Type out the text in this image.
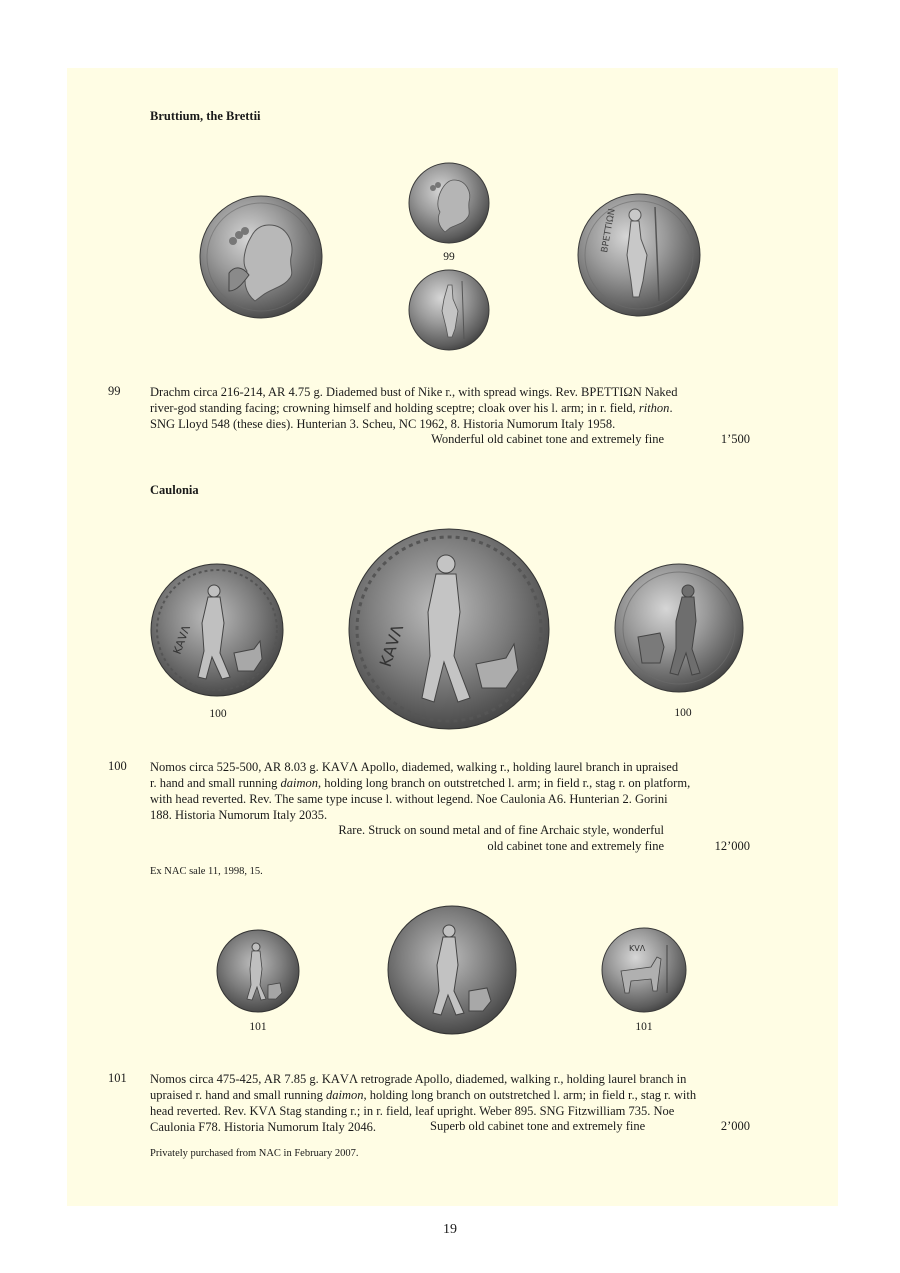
Bruttium, the Brettii
99
ΒΡΕΤΤΙΩΝ
99 Drachm circa 216-214, AR 4.75 g. Diademed bust of Nike r., with spread wings. Rev. ΒΡΕΤΤΙΩΝ Naked
river-god standing facing; crowning himself and holding sceptre; cloak over his l. arm; in r. field, rithon.
SNG Lloyd 548 (these dies). Hunterian 3. Scheu, NC 1962, 8. Historia Numorum Italy 1958.
Wonderful old cabinet tone and extremely fine	1’500
Caulonia
ΚΑVΛ
100
ΚΑVΛ
100
100 Nomos circa 525-500, AR 8.03 g. ΚΑVΛ Apollo, diademed, walking r., holding laurel branch in upraised
r. hand and small running daimon, holding long branch on outstretched l. arm; in field r., stag r. on platform,
with head reverted. Rev. The same type incuse l. without legend. Noe Caulonia A6. Hunterian 2. Gorini
188. Historia Numorum Italy 2035.
Rare. Struck on sound metal and of fine Archaic style, wonderful
old cabinet tone and extremely fine	12’000
Ex NAC sale 11, 1998, 15.
101
ΚVΛ
101
101 Nomos circa 475-425, AR 7.85 g. ΚΑVΛ retrograde Apollo, diademed, walking r., holding laurel branch in
upraised r. hand and small running daimon, holding long branch on outstretched l. arm; in field r., stag r. with
head reverted. Rev. ΚVΛ Stag standing r.; in r. field, leaf upright. Weber 895. SNG Fitzwilliam 735. Noe
Caulonia F78. Historia Numorum Italy 2046.	Superb old cabinet tone and extremely fine	2’000
Privately purchased from NAC in February 2007.
19
